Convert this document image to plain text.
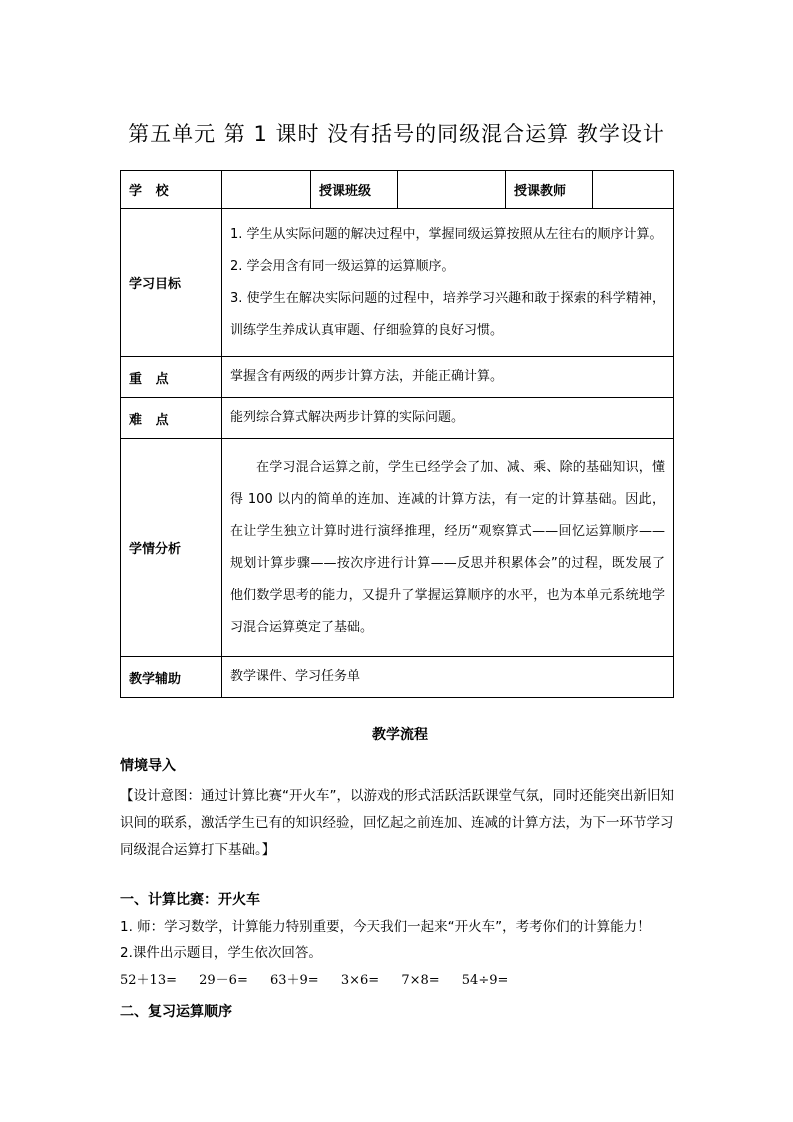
第五单元 第 1 课时 没有括号的同级混合运算 教学设计
学   校		授课班级		授课教师	
学习目标	1. 学生从实际问题的解决过程中，掌握同级运算按照从左往右的顺序计算。
2. 学会用含有同一级运算的运算顺序。
3. 使学生在解决实际问题的过程中，培养学习兴趣和敢于探索的科学精神，训练学生养成认真审题、仔细验算的良好习惯。				

重   点	掌握含有两级的两步计算方法，并能正确计算。				
难   点	能列综合算式解决两步计算的实际问题。				
学情分析	在学习混合运算之前，学生已经学会了加、减、乘、除的基础知识，懂得 100 以内的简单的连加、连减的计算方法，有一定的计算基础。因此，在让学生独立计算时进行演绎推理，经历“观察算式——回忆运算顺序——规划计算步骤——按次序进行计算——反思并积累体会”的过程，既发展了他们数学思考的能力，又提升了掌握运算顺序的水平，也为本单元系统地学习混合运算奠定了基础。				
教学辅助	教学课件、学习任务单				
教学流程
情境导入
【设计意图：通过计算比赛“开火车”，以游戏的形式活跃活跃课堂气氛，同时还能突出新旧知识间的联系，激活学生已有的知识经验，回忆起之前连加、连减的计算方法，为下一环节学习同级混合运算打下基础。】
一、计算比赛：开火车
1. 师：学习数学，计算能力特别重要，今天我们一起来“开火车”，考考你们的计算能力！
2.课件出示题目，学生依次回答。
52＋13= 29－6= 63＋9= 3×6= 7×8= 54÷9=
二、复习运算顺序
